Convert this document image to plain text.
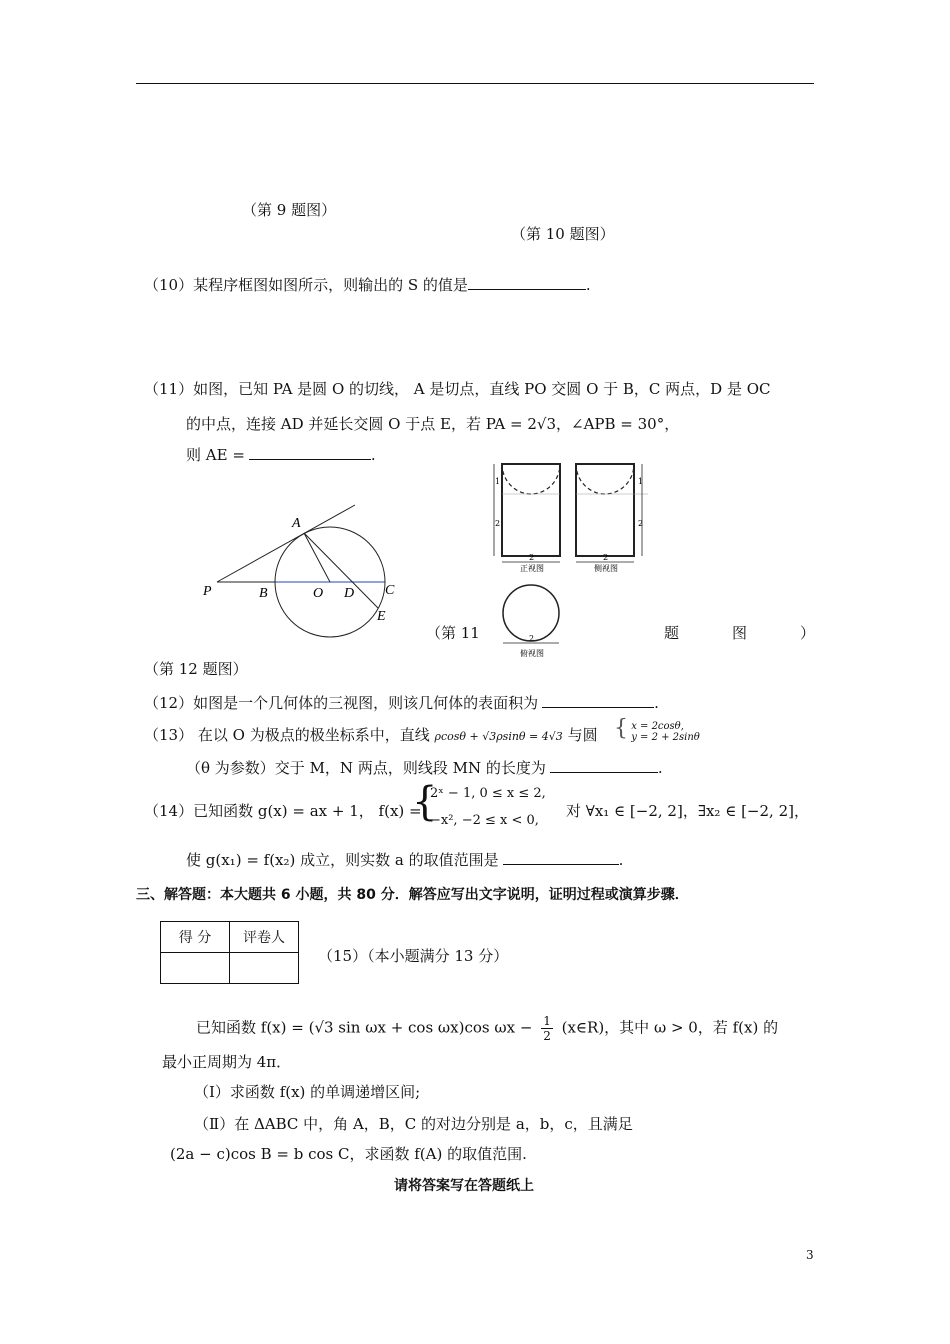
（第 9 题图）
（第 10 题图）
（10）某程序框图如图所示，则输出的 S 的值是	.
（11）如图，已知 PA 是圆 O 的切线， A 是切点，直线 PO 交圆 O 于 B，C 两点，D 是 OC
的中点，连接 AD 并延长交圆 O 于点 E，若 PA = 2√3，∠APB = 30°，
则 AE =	.
P	B	O D C
A
E
1
2
1
2
2	2
正视图	侧视图
2
俯视图
（第 11	题	图	）
（第 12 题图）
（12）如图是一个几何体的三视图，则该几何体的表面积为	.
（13） 在以 O 为极点的极坐标系中，直线 ρcosθ + √3ρsinθ = 4√3 与圆 { x = 2cosθ,
y = 2 + 2sinθ
（θ 为参数）交于 M，N 两点，则线段 MN 的长度为	.
（14）已知函数 g(x) = ax + 1， f(x) =
{
2ˣ − 1, 0 ≤ x ≤ 2,
−x², −2 ≤ x < 0,
对 ∀x₁ ∈ [−2, 2]，∃x₂ ∈ [−2, 2]，
使 g(x₁) = f(x₂) 成立，则实数 a 的取值范围是	.
三、解答题：本大题共 6 小题，共 80 分．解答应写出文字说明，证明过程或演算步骤．
得 分	评卷人

（15）（本小题满分 13 分）
已知函数 f(x) = (√3 sin ωx + cos ωx)cos $\omega x - \frac{1}{2}$ (x∈R)，其中 ω > 0，若 f(x) 的
最小正周期为 4π．
（Ⅰ）求函数 f(x) 的单调递增区间;
（Ⅱ）在 ΔABC 中，角 A，B，C 的对边分别是 a，b，c，且满足
(2a − c)cos B = b cos C，求函数 f(A) 的取值范围.
请将答案写在答题纸上
3
